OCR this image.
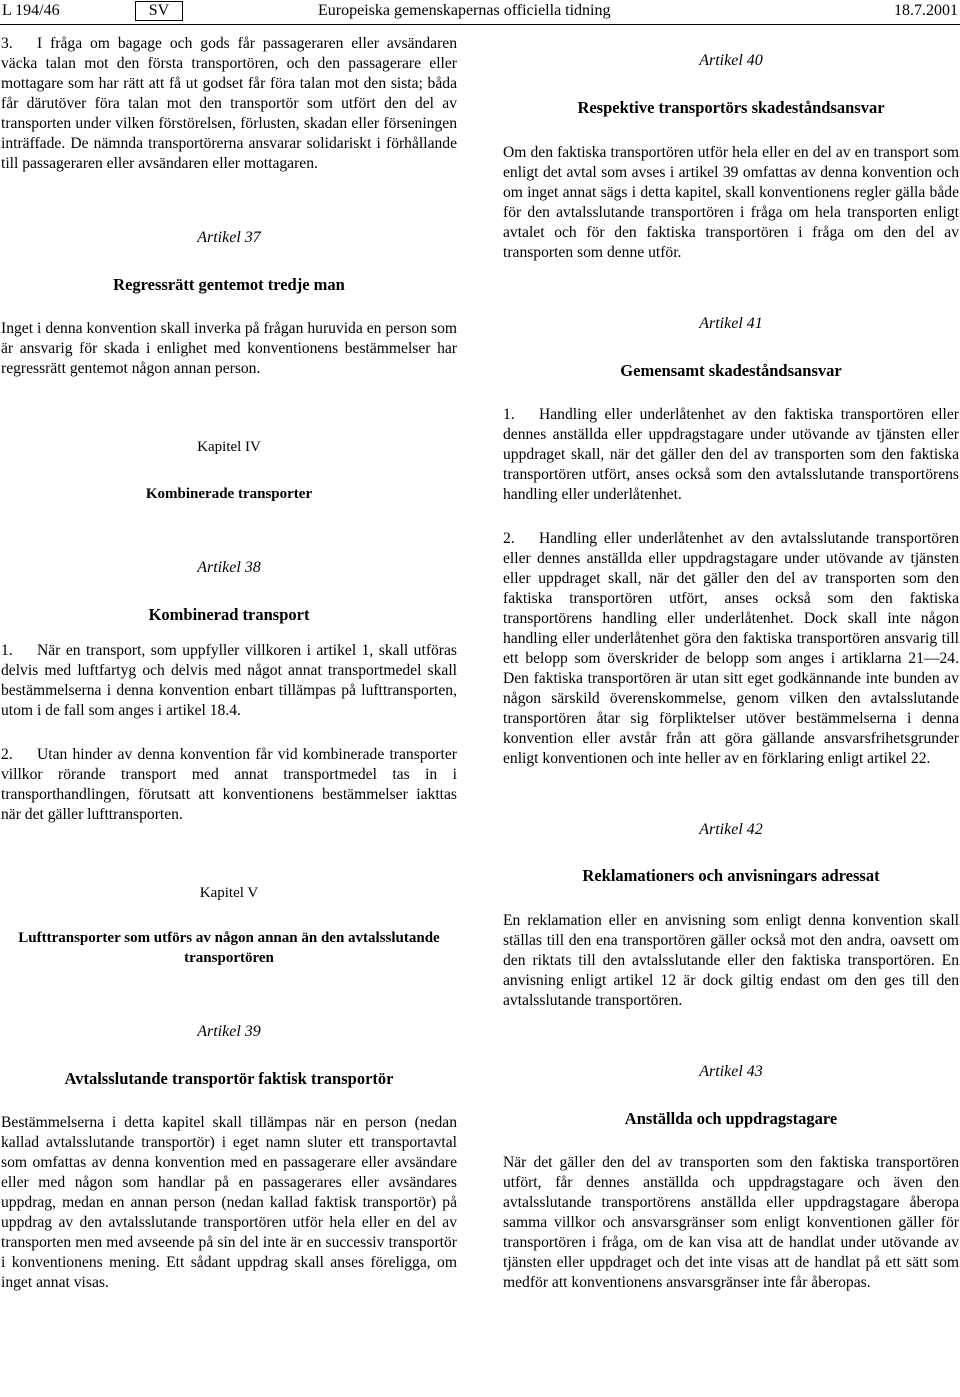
L 194/46	SV	Europeiska gemenskapernas officiella tidning	18.7.2001

3. I fråga om bagage och gods får passageraren eller avsändaren väcka talan mot den första transportören, och den passagerare eller mottagare som har rätt att få ut godset får föra talan mot den sista; båda får därutöver föra talan mot den transportör som utfört den del av transporten under vilken förstörelsen, förlusten, skadan eller förseningen inträffade. De nämnda transportörerna ansvarar solidariskt i förhållande till passageraren eller avsändaren eller mottagaren.

Artikel 37

Regressrätt gentemot tredje man

Inget i denna konvention skall inverka på frågan huruvida en person som är ansvarig för skada i enlighet med konventionens bestämmelser har regressrätt gentemot någon annan person.

Kapitel IV

Kombinerade transporter

Artikel 38

Kombinerad transport

1. När en transport, som uppfyller villkoren i artikel 1, skall utföras delvis med luftfartyg och delvis med något annat transportmedel skall bestämmelserna i denna konvention enbart tillämpas på lufttransporten, utom i de fall som anges i artikel 18.4.

2. Utan hinder av denna konvention får vid kombinerade transporter villkor rörande transport med annat transportmedel tas in i transporthandlingen, förutsatt att konventionens bestämmelser iakttas när det gäller lufttransporten.

Kapitel V

Lufttransporter som utförs av någon annan än den avtalsslutande transportören

Artikel 39

Avtalsslutande transportör faktisk transportör

Bestämmelserna i detta kapitel skall tillämpas när en person (nedan kallad avtalsslutande transportör) i eget namn sluter ett transportavtal som omfattas av denna konvention med en passagerare eller avsändare eller med någon som handlar på en passagerares eller avsändares uppdrag, medan en annan person (nedan kallad faktisk transportör) på uppdrag av den avtalsslutande transportören utför hela eller en del av transporten men med avseende på sin del inte är en successiv transportör i konventionens mening. Ett sådant uppdrag skall anses föreligga, om inget annat visas.

Artikel 40

Respektive transportörs skadeståndsansvar

Om den faktiska transportören utför hela eller en del av en transport som enligt det avtal som avses i artikel 39 omfattas av denna konvention och om inget annat sägs i detta kapitel, skall konventionens regler gälla både för den avtalsslutande transportören i fråga om hela transporten enligt avtalet och för den faktiska transportören i fråga om den del av transporten som denne utför.

Artikel 41

Gemensamt skadeståndsansvar

1. Handling eller underlåtenhet av den faktiska transportören eller dennes anställda eller uppdragstagare under utövande av tjänsten eller uppdraget skall, när det gäller den del av transporten som den faktiska transportören utfört, anses också som den avtalsslutande transportörens handling eller underlåtenhet.

2. Handling eller underlåtenhet av den avtalsslutande transportören eller dennes anställda eller uppdragstagare under utövande av tjänsten eller uppdraget skall, när det gäller den del av transporten som den faktiska transportören utfört, anses också som den faktiska transportörens handling eller underlåtenhet. Dock skall inte någon handling eller underlåtenhet göra den faktiska transportören ansvarig till ett belopp som överskrider de belopp som anges i artiklarna 21—24. Den faktiska transportören är utan sitt eget godkännande inte bunden av någon särskild överenskommelse, genom vilken den avtalsslutande transportören åtar sig förpliktelser utöver bestämmelserna i denna konvention eller avstår från att göra gällande ansvarsfrihetsgrunder enligt konventionen och inte heller av en förklaring enligt artikel 22.

Artikel 42

Reklamationers och anvisningars adressat

En reklamation eller en anvisning som enligt denna konvention skall ställas till den ena transportören gäller också mot den andra, oavsett om den riktats till den avtalsslutande eller den faktiska transportören. En anvisning enligt artikel 12 är dock giltig endast om den ges till den avtalsslutande transportören.

Artikel 43

Anställda och uppdragstagare

När det gäller den del av transporten som den faktiska transportören utfört, får dennes anställda och uppdragstagare och även den avtalsslutande transportörens anställda eller uppdragstagare åberopa samma villkor och ansvarsgränser som enligt konventionen gäller för transportören i fråga, om de kan visa att de handlat under utövande av tjänsten eller uppdraget och det inte visas att de handlat på ett sätt som medför att konventionens ansvarsgränser inte får åberopas.
